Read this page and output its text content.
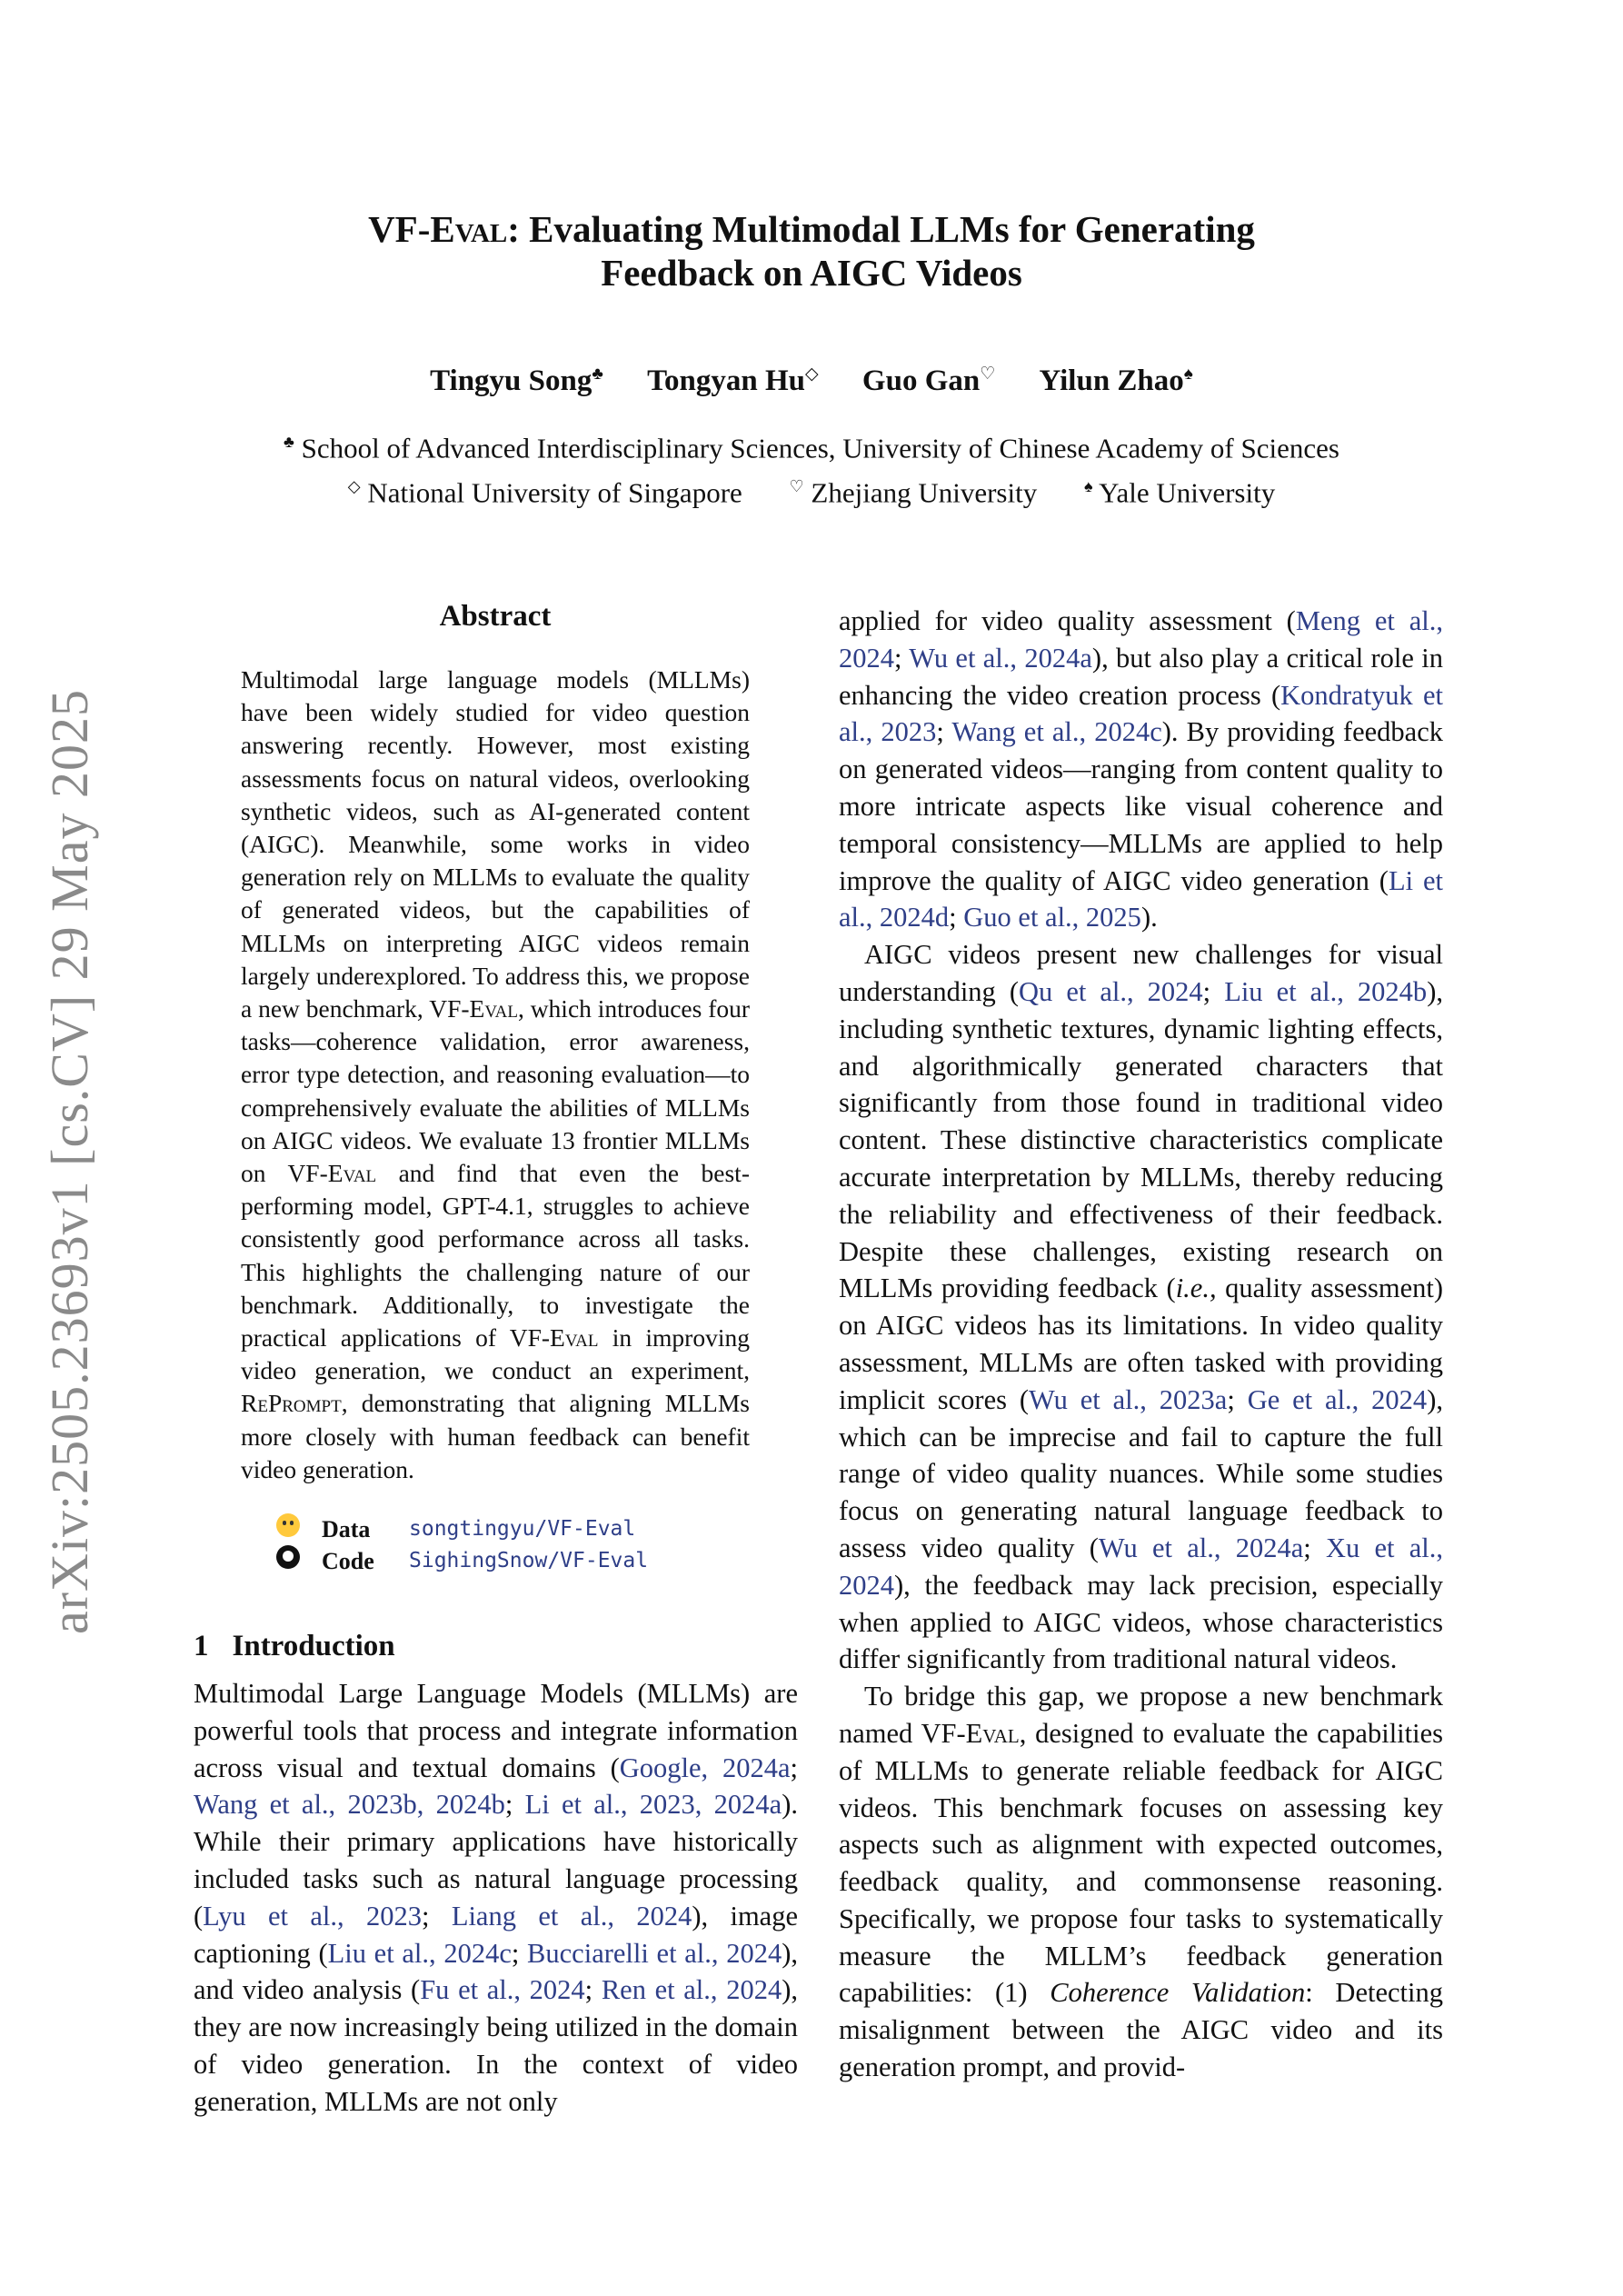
VF-Eval: Evaluating Multimodal LLMs for Generating
Feedback on AIGC Videos
Tingyu Song♣ Tongyan Hu◇ Guo Gan♡ Yilun Zhao♠
♣ School of Advanced Interdisciplinary Sciences, University of Chinese Academy of Sciences
◇ National University of Singapore	♡ Zhejiang University	♠ Yale University
arXiv:2505.23693v1 [cs.CV] 29 May 2025
Abstract
Multimodal large language models (MLLMs) have been widely studied for video question answering recently. However, most existing assessments focus on natural videos, overlooking synthetic videos, such as AI-generated content (AIGC). Meanwhile, some works in video generation rely on MLLMs to evaluate the quality of generated videos, but the capabilities of MLLMs on interpreting AIGC videos remain largely underexplored. To address this, we propose a new benchmark, VF-Eval, which introduces four tasks—coherence validation, error awareness, error type detection, and reasoning evaluation—to comprehensively evaluate the abilities of MLLMs on AIGC videos. We evaluate 13 frontier MLLMs on VF-Eval and find that even the best-performing model, GPT-4.1, struggles to achieve consistently good performance across all tasks. This highlights the challenging nature of our benchmark. Additionally, to investigate the practical applications of VF-Eval in improving video generation, we conduct an experiment, RePrompt, demonstrating that aligning MLLMs more closely with human feedback can benefit video generation.
Data	songtingyu/VF-Eval
Code	SighingSnow/VF-Eval
1 Introduction

Multimodal Large Language Models (MLLMs) are powerful tools that process and integrate information across visual and textual domains (Google, 2024a; Wang et al., 2023b, 2024b; Li et al., 2023, 2024a). While their primary applications have historically included tasks such as natural language processing (Lyu et al., 2023; Liang et al., 2024), image captioning (Liu et al., 2024c; Bucciarelli et al., 2024), and video analysis (Fu et al., 2024; Ren et al., 2024), they are now increasingly being utilized in the domain of video generation. In the context of video generation, MLLMs are not only

applied for video quality assessment (Meng et al., 2024; Wu et al., 2024a), but also play a critical role in enhancing the video creation process (Kondratyuk et al., 2023; Wang et al., 2024c). By providing feedback on generated videos—ranging from content quality to more intricate aspects like visual coherence and temporal consistency—MLLMs are applied to help improve the quality of AIGC video generation (Li et al., 2024d; Guo et al., 2025).

AIGC videos present new challenges for visual understanding (Qu et al., 2024; Liu et al., 2024b), including synthetic textures, dynamic lighting effects, and algorithmically generated characters that significantly from those found in traditional video content. These distinctive characteristics complicate accurate interpretation by MLLMs, thereby reducing the reliability and effectiveness of their feedback. Despite these challenges, existing research on MLLMs providing feedback (i.e., quality assessment) on AIGC videos has its limitations. In video quality assessment, MLLMs are often tasked with providing implicit scores (Wu et al., 2023a; Ge et al., 2024), which can be imprecise and fail to capture the full range of video quality nuances. While some studies focus on generating natural language feedback to assess video quality (Wu et al., 2024a; Xu et al., 2024), the feedback may lack precision, especially when applied to AIGC videos, whose characteristics differ significantly from traditional natural videos.

To bridge this gap, we propose a new benchmark named VF-Eval, designed to evaluate the capabilities of MLLMs to generate reliable feedback for AIGC videos. This benchmark focuses on assessing key aspects such as alignment with expected outcomes, feedback quality, and commonsense reasoning. Specifically, we propose four tasks to systematically measure the MLLM’s feedback generation capabilities: (1) Coherence Validation: Detecting misalignment between the AIGC video and its generation prompt, and provid-
